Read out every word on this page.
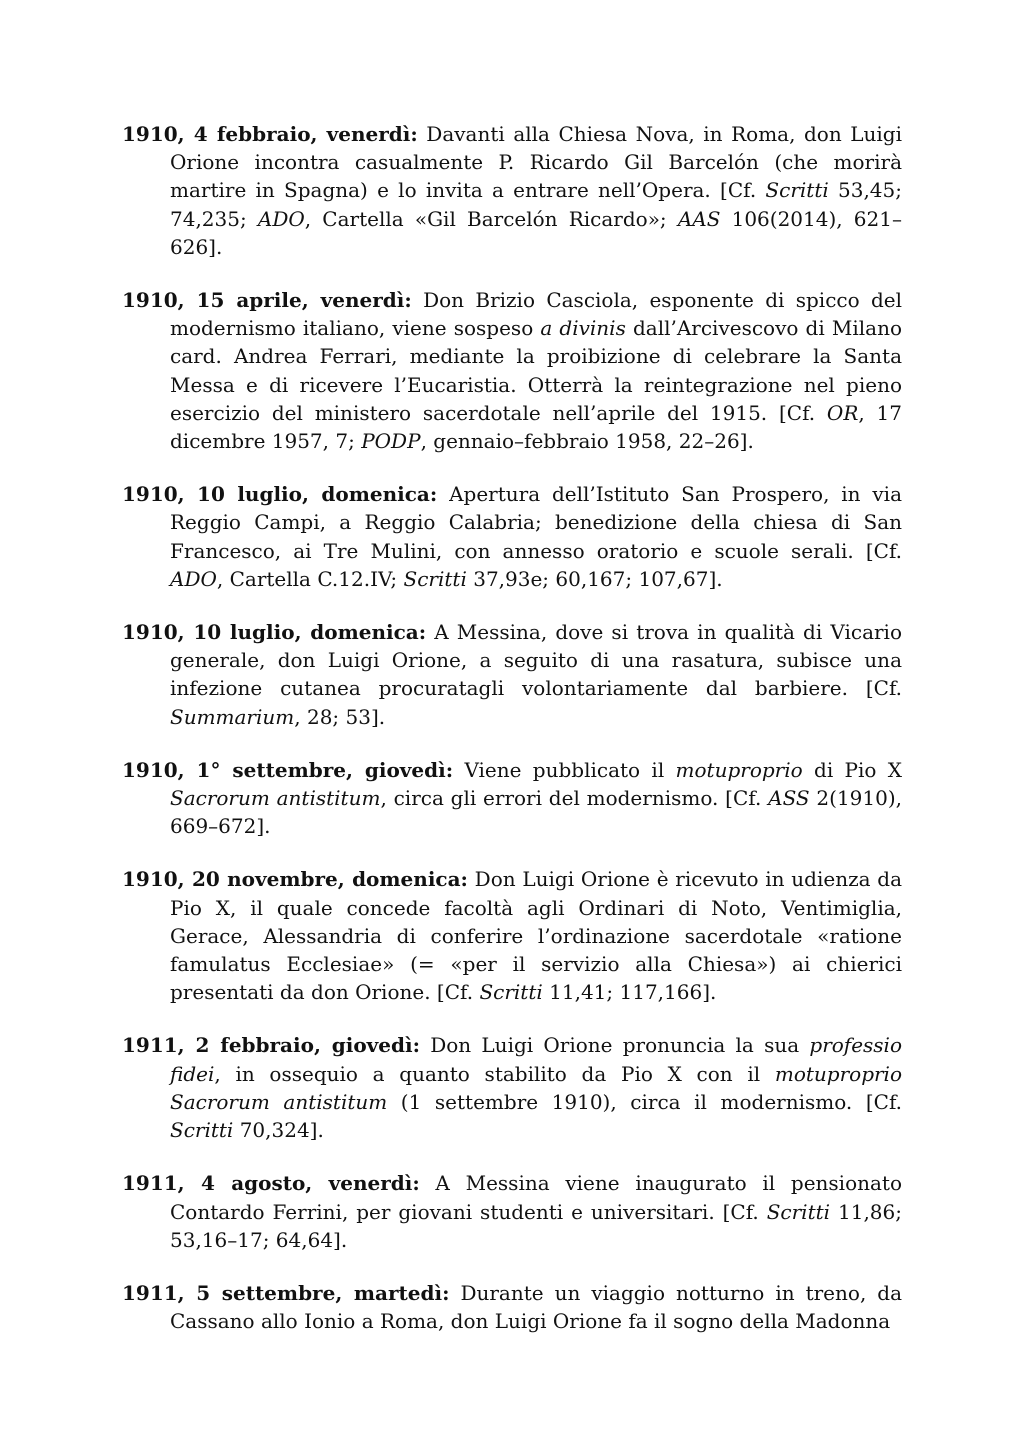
1910, 4 febbraio, venerdì: Davanti alla Chiesa Nova, in Roma, don Luigi Orione incontra casualmente P. Ricardo Gil Barcelón (che morirà martire in Spagna) e lo invita a entrare nell’Opera. [Cf. Scritti 53,45; 74,235; ADO, Cartella «Gil Barcelón Ricardo»; AAS 106(2014), 621–626].

1910, 15 aprile, venerdì: Don Brizio Casciola, esponente di spicco del modernismo italiano, viene sospeso a divinis dall’Arcivescovo di Milano card. Andrea Ferrari, mediante la proibizione di celebrare la Santa Messa e di ricevere l’Eucaristia. Otterrà la reintegrazione nel pieno esercizio del ministero sacerdotale nell’aprile del 1915. [Cf. OR, 17 dicembre 1957, 7; PODP, gennaio–febbraio 1958, 22–26].

1910, 10 luglio, domenica: Apertura dell’Istituto San Prospero, in via Reggio Campi, a Reggio Calabria; benedizione della chiesa di San Francesco, ai Tre Mulini, con annesso oratorio e scuole serali. [Cf. ADO, Cartella C.12.IV; Scritti 37,93e; 60,167; 107,67].

1910, 10 luglio, domenica: A Messina, dove si trova in qualità di Vicario generale, don Luigi Orione, a seguito di una rasatura, subisce una infezione cutanea procuratagli volontariamente dal barbiere. [Cf. Summarium, 28; 53].

1910, 1° settembre, giovedì: Viene pubblicato il motuproprio di Pio X Sacrorum antistitum, circa gli errori del modernismo. [Cf. ASS 2(1910), 669–672].

1910, 20 novembre, domenica: Don Luigi Orione è ricevuto in udienza da Pio X, il quale concede facoltà agli Ordinari di Noto, Ventimiglia, Gerace, Alessandria di conferire l’ordinazione sacerdotale «ratione famulatus Ecclesiae» (= «per il servizio alla Chiesa») ai chierici presentati da don Orione. [Cf. Scritti 11,41; 117,166].

1911, 2 febbraio, giovedì: Don Luigi Orione pronuncia la sua professio fidei, in ossequio a quanto stabilito da Pio X con il motuproprio Sacrorum antistitum (1 settembre 1910), circa il modernismo. [Cf. Scritti 70,324].

1911, 4 agosto, venerdì: A Messina viene inaugurato il pensionato Contardo Ferrini, per giovani studenti e universitari. [Cf. Scritti 11,86; 53,16–17; 64,64].

1911, 5 settembre, martedì: Durante un viaggio notturno in treno, da Cassano allo Ionio a Roma, don Luigi Orione fa il sogno della Madonna
